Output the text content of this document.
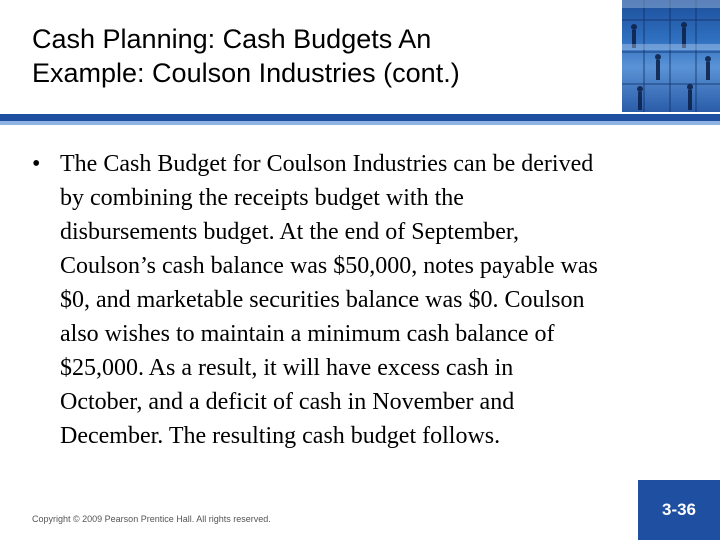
Cash Planning: Cash Budgets An
Example: Coulson Industries (cont.)
• The Cash Budget for Coulson Industries can be derived
by combining the receipts budget with the
disbursements budget. At the end of September,
Coulson’s cash balance was $50,000, notes payable was
$0, and marketable securities balance was $0. Coulson
also wishes to maintain a minimum cash balance of
$25,000. As a result, it will have excess cash in
October, and a deficit of cash in November and
December. The resulting cash budget follows.
Copyright © 2009 Pearson Prentice Hall. All rights reserved.	3-36
